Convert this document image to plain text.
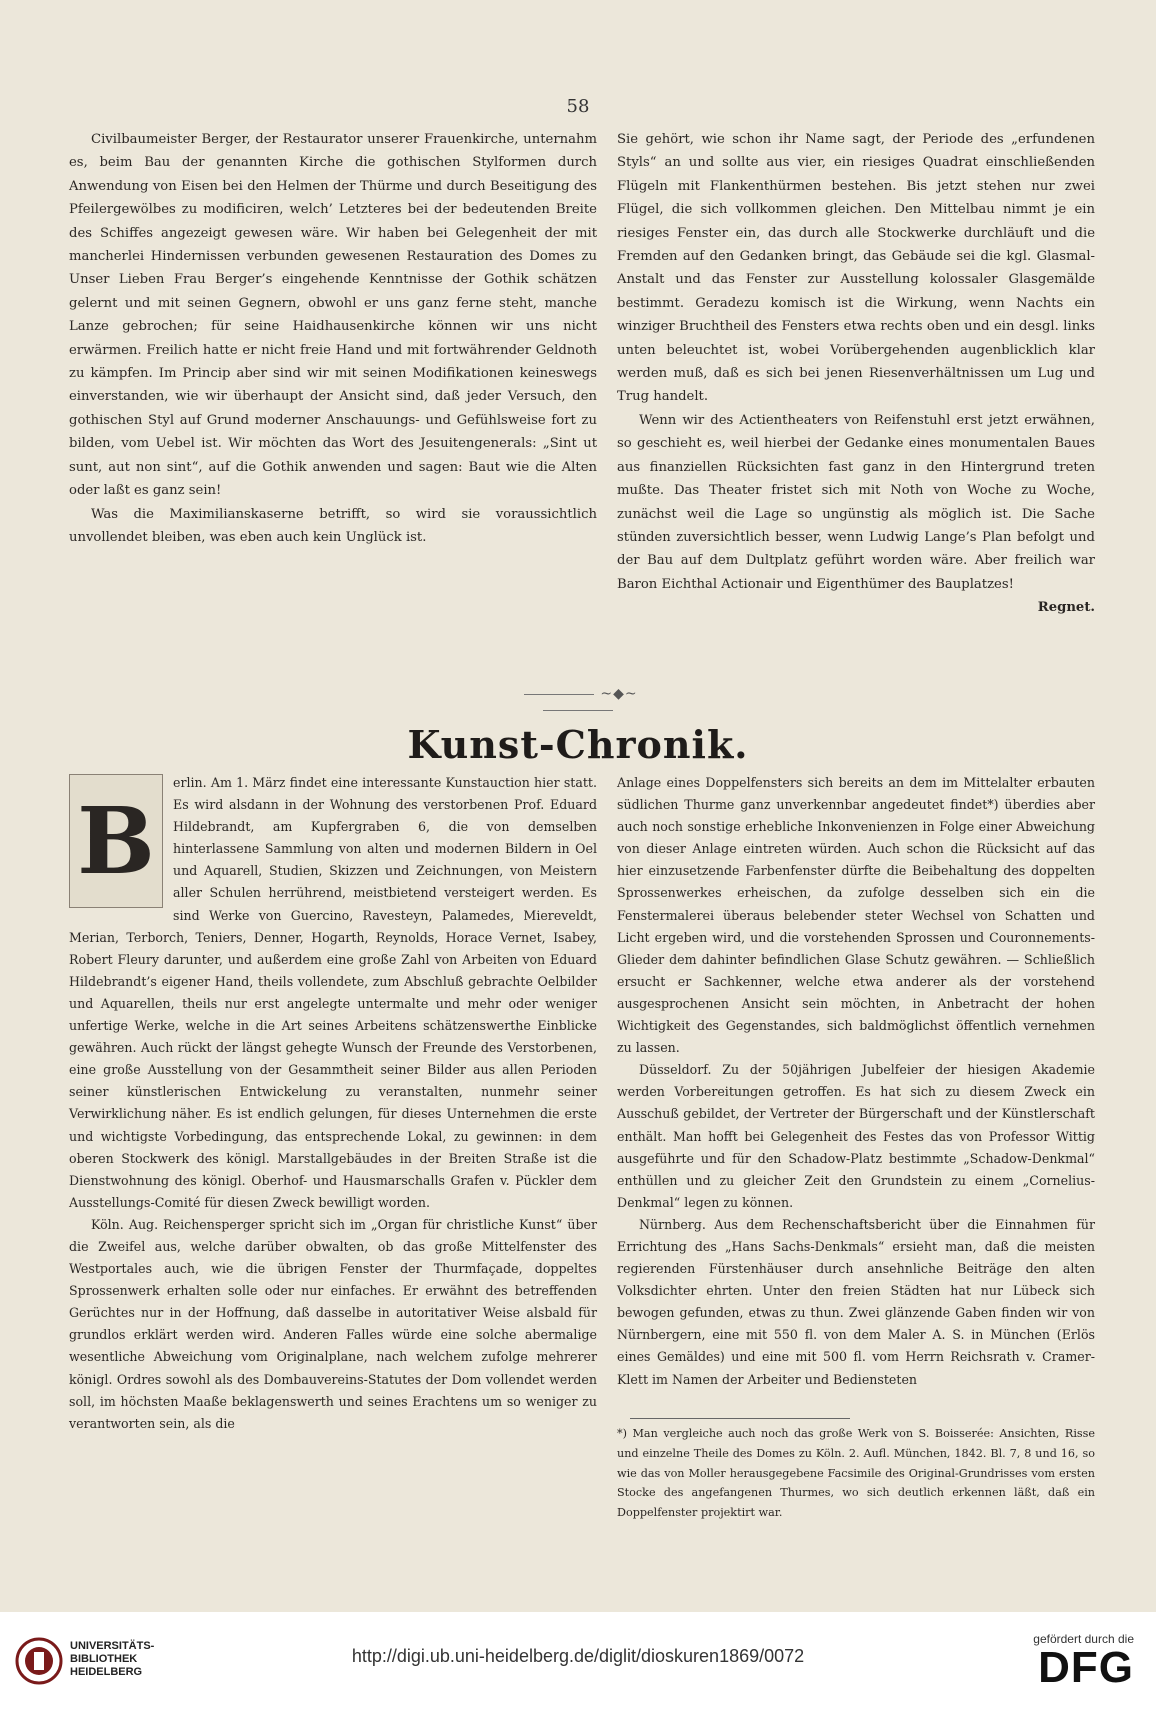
58

Civilbaumeister Berger, der Restaurator unserer Frauenkirche, unternahm es, beim Bau der genannten Kirche die gothischen Stylformen durch Anwendung von Eisen bei den Helmen der Thürme und durch Beseitigung des Pfeilergewölbes zu modificiren, welch’ Letzteres bei der bedeutenden Breite des Schiffes angezeigt gewesen wäre. Wir haben bei Gelegenheit der mit mancherlei Hindernissen verbunden gewesenen Restauration des Domes zu Unser Lieben Frau Berger’s eingehende Kenntnisse der Gothik schätzen gelernt und mit seinen Gegnern, obwohl er uns ganz ferne steht, manche Lanze gebrochen; für seine Haidhausenkirche können wir uns nicht erwärmen. Freilich hatte er nicht freie Hand und mit fortwährender Geldnoth zu kämpfen. Im Princip aber sind wir mit seinen Modifikationen keineswegs einverstanden, wie wir überhaupt der Ansicht sind, daß jeder Versuch, den gothischen Styl auf Grund moderner Anschauungs- und Gefühlsweise fort zu bilden, vom Uebel ist. Wir möchten das Wort des Jesuitengenerals: „Sint ut sunt, aut non sint“, auf die Gothik anwenden und sagen: Baut wie die Alten oder laßt es ganz sein!

Was die Maximilianskaserne betrifft, so wird sie voraussichtlich unvollendet bleiben, was eben auch kein Unglück ist.

Sie gehört, wie schon ihr Name sagt, der Periode des „erfundenen Styls“ an und sollte aus vier, ein riesiges Quadrat einschließenden Flügeln mit Flankenthürmen bestehen. Bis jetzt stehen nur zwei Flügel, die sich vollkommen gleichen. Den Mittelbau nimmt je ein riesiges Fenster ein, das durch alle Stockwerke durchläuft und die Fremden auf den Gedanken bringt, das Gebäude sei die kgl. Glasmal-Anstalt und das Fenster zur Ausstellung kolossaler Glasgemälde bestimmt. Geradezu komisch ist die Wirkung, wenn Nachts ein winziger Bruchtheil des Fensters etwa rechts oben und ein desgl. links unten beleuchtet ist, wobei Vorübergehenden augenblicklich klar werden muß, daß es sich bei jenen Riesenverhältnissen um Lug und Trug handelt.

Wenn wir des Actientheaters von Reifenstuhl erst jetzt erwähnen, so geschieht es, weil hierbei der Gedanke eines monumentalen Baues aus finanziellen Rücksichten fast ganz in den Hintergrund treten mußte. Das Theater fristet sich mit Noth von Woche zu Woche, zunächst weil die Lage so ungünstig als möglich ist. Die Sache stünden zuversichtlich besser, wenn Ludwig Lange’s Plan befolgt und der Bau auf dem Dultplatz geführt worden wäre. Aber freilich war Baron Eichthal Actionair und Eigenthümer des Bauplatzes!

Regnet.
~◆~
Kunst-Chronik.
B

erlin. Am 1. März findet eine interessante Kunstauction hier statt. Es wird alsdann in der Wohnung des verstorbenen Prof. Eduard Hildebrandt, am Kupfergraben 6, die von demselben hinterlassene Sammlung von alten und modernen Bildern in Oel und Aquarell, Studien, Skizzen und Zeichnungen, von Meistern aller Schulen herrührend, meistbietend versteigert werden. Es sind Werke von Guercino, Ravesteyn, Palamedes, Miereveldt, Merian, Terborch, Teniers, Denner, Hogarth, Reynolds, Horace Vernet, Isabey, Robert Fleury darunter, und außerdem eine große Zahl von Arbeiten von Eduard Hildebrandt’s eigener Hand, theils vollendete, zum Abschluß gebrachte Oelbilder und Aquarellen, theils nur erst angelegte untermalte und mehr oder weniger unfertige Werke, welche in die Art seines Arbeitens schätzenswerthe Einblicke gewähren. Auch rückt der längst gehegte Wunsch der Freunde des Verstorbenen, eine große Ausstellung von der Gesammtheit seiner Bilder aus allen Perioden seiner künstlerischen Entwickelung zu veranstalten, nunmehr seiner Verwirklichung näher. Es ist endlich gelungen, für dieses Unternehmen die erste und wichtigste Vorbedingung, das entsprechende Lokal, zu gewinnen: in dem oberen Stockwerk des königl. Marstallgebäudes in der Breiten Straße ist die Dienstwohnung des königl. Oberhof- und Hausmarschalls Grafen v. Pückler dem Ausstellungs-Comité für diesen Zweck bewilligt worden.

Köln. Aug. Reichensperger spricht sich im „Organ für christliche Kunst“ über die Zweifel aus, welche darüber obwalten, ob das große Mittelfenster des Westportales auch, wie die übrigen Fenster der Thurmfaçade, doppeltes Sprossenwerk erhalten solle oder nur einfaches. Er erwähnt des betreffenden Gerüchtes nur in der Hoffnung, daß dasselbe in autoritativer Weise alsbald für grundlos erklärt werden wird. Anderen Falles würde eine solche abermalige wesentliche Abweichung vom Originalplane, nach welchem zufolge mehrerer königl. Ordres sowohl als des Dombauvereins-Statutes der Dom vollendet werden soll, im höchsten Maaße beklagenswerth und seines Erachtens um so weniger zu verantworten sein, als die

Anlage eines Doppelfensters sich bereits an dem im Mittelalter erbauten südlichen Thurme ganz unverkennbar angedeutet findet*) überdies aber auch noch sonstige erhebliche Inkonvenienzen in Folge einer Abweichung von dieser Anlage eintreten würden. Auch schon die Rücksicht auf das hier einzusetzende Farbenfenster dürfte die Beibehaltung des doppelten Sprossenwerkes erheischen, da zufolge desselben sich ein die Fenstermalerei überaus belebender steter Wechsel von Schatten und Licht ergeben wird, und die vorstehenden Sprossen und Couronnements-Glieder dem dahinter befindlichen Glase Schutz gewähren. — Schließlich ersucht er Sachkenner, welche etwa anderer als der vorstehend ausgesprochenen Ansicht sein möchten, in Anbetracht der hohen Wichtigkeit des Gegenstandes, sich baldmöglichst öffentlich vernehmen zu lassen.

Düsseldorf. Zu der 50jährigen Jubelfeier der hiesigen Akademie werden Vorbereitungen getroffen. Es hat sich zu diesem Zweck ein Ausschuß gebildet, der Vertreter der Bürgerschaft und der Künstlerschaft enthält. Man hofft bei Gelegenheit des Festes das von Professor Wittig ausgeführte und für den Schadow-Platz bestimmte „Schadow-Denkmal“ enthüllen und zu gleicher Zeit den Grundstein zu einem „Cornelius-Denkmal“ legen zu können.

Nürnberg. Aus dem Rechenschaftsbericht über die Einnahmen für Errichtung des „Hans Sachs-Denkmals“ ersieht man, daß die meisten regierenden Fürstenhäuser durch ansehnliche Beiträge den alten Volksdichter ehrten. Unter den freien Städten hat nur Lübeck sich bewogen gefunden, etwas zu thun. Zwei glänzende Gaben finden wir von Nürnbergern, eine mit 550 fl. von dem Maler A. S. in München (Erlös eines Gemäldes) und eine mit 500 fl. vom Herrn Reichsrath v. Cramer-Klett im Namen der Arbeiter und Bediensteten

*) Man vergleiche auch noch das große Werk von S. Boisserée: Ansichten, Risse und einzelne Theile des Domes zu Köln. 2. Aufl. München, 1842. Bl. 7, 8 und 16, so wie das von Moller herausgegebene Facsimile des Original-Grundrisses vom ersten Stocke des angefangenen Thurmes, wo sich deutlich erkennen läßt, daß ein Doppelfenster projektirt war.
UNIVERSITÄTS-
BIBLIOTHEK
HEIDELBERG
http://digi.ub.uni-heidelberg.de/diglit/dioskuren1869/0072
gefördert durch die
DFG
